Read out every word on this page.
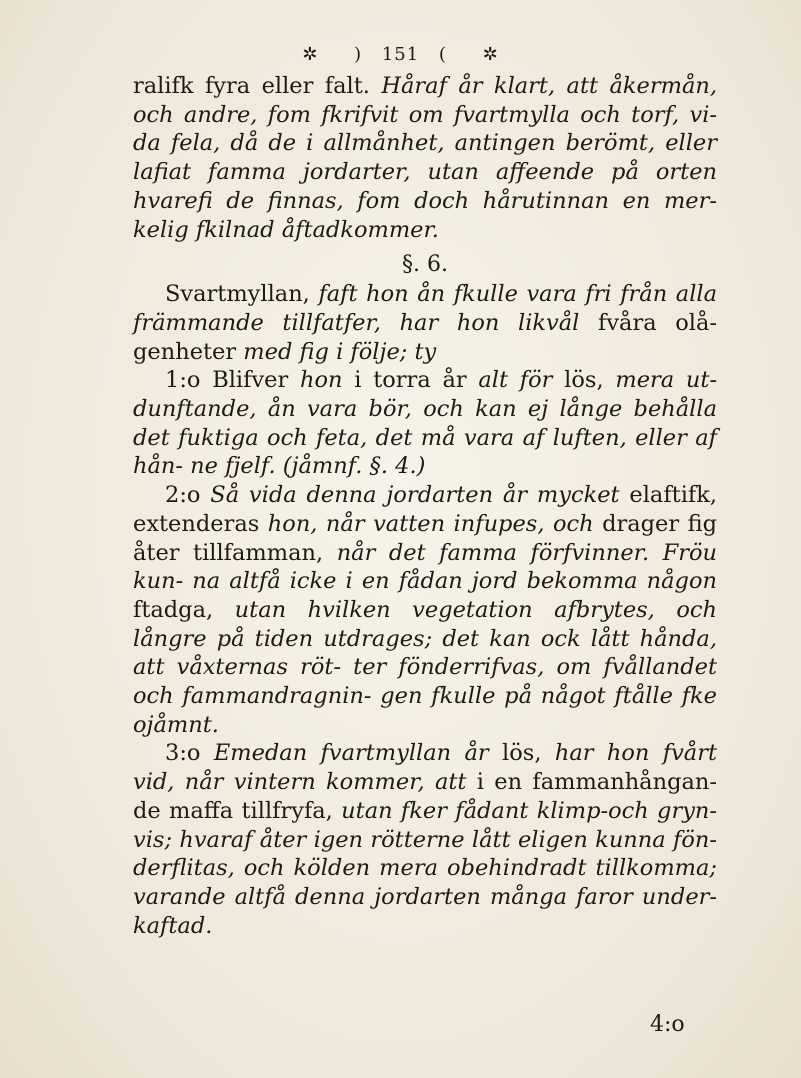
✲ ) 151 ( ✲

ralifk fyra eller falt. Håraf år klart, att åkermån, och andre, fom fkrifvit om fvartmylla och torf, vi- da fela, då de i allmånhet, antingen berömt, eller lafiat famma jordarter, utan affeende på orten hvarefi de finnas, fom doch hårutinnan en mer- kelig fkilnad åftadkommer.

§. 6.

Svartmyllan, faft hon ån fkulle vara fri från alla främmande tillfatfer, har hon likvål fvåra olå- genheter med fig i följe; ty

1:o Blifver hon i torra år alt för lös, mera ut- dunftande, ån vara bör, och kan ej långe behålla det fuktiga och feta, det må vara af luften, eller af hån- ne fjelf. (jåmnf. §. 4.)

2:o Så vida denna jordarten år mycket elaftifk, extenderas hon, når vatten infupes, och drager fig åter tillfamman, når det famma förfvinner. Fröu kun- na altfå icke i en fådan jord bekomma någon ftadga, utan hvilken vegetation afbrytes, och långre på tiden utdrages; det kan ock lått hånda, att våxternas röt- ter fönderrifvas, om fvållandet och fammandragnin- gen fkulle på något ftålle fke ojåmnt.

3:o Emedan fvartmyllan år lös, har hon fvårt vid, når vintern kommer, att i en fammanhångan- de maffa tillfryfa, utan fker fådant klimp-och gryn- vis; hvaraf åter igen rötterne lått eligen kunna fön- derflitas, och kölden mera obehindradt tillkomma; varande altfå denna jordarten många faror under- kaftad.

4:o
